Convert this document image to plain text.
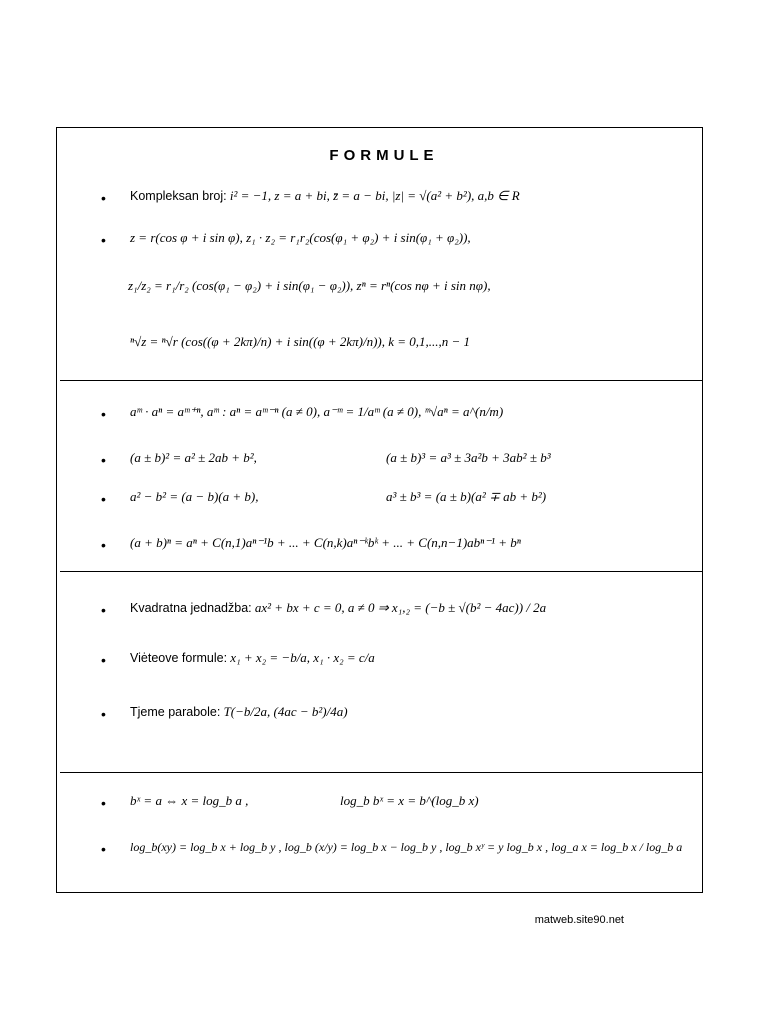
FORMULE
• Kompleksan broj: i² = −1, z = a + bi, z̄ = a − bi, |z| = √(a² + b²), a,b ∈ R
• z = r(cos φ + i sin φ), z₁ · z₂ = r₁r₂(cos(φ₁ + φ₂) + i sin(φ₁ + φ₂)),
z₁/z₂ = r₁/r₂ (cos(φ₁ − φ₂) + i sin(φ₁ − φ₂)), zⁿ = rⁿ(cos nφ + i sin nφ),
ⁿ√z = ⁿ√r (cos((φ + 2kπ)/n) + i sin((φ + 2kπ)/n)), k = 0,1,...,n − 1
• aᵐ · aⁿ = aᵐ⁺ⁿ, aᵐ : aⁿ = aᵐ⁻ⁿ (a ≠ 0), a⁻ᵐ = 1/aᵐ (a ≠ 0), ᵐ√aⁿ = a^(n/m)
• (a ± b)² = a² ± 2ab + b²,	(a ± b)³ = a³ ± 3a²b + 3ab² ± b³
• a² − b² = (a − b)(a + b),	a³ ± b³ = (a ± b)(a² ∓ ab + b²)
• (a + b)ⁿ = aⁿ + C(n,1)aⁿ⁻¹b + ... + C(n,k)aⁿ⁻ᵏbᵏ + ... + C(n,n−1)abⁿ⁻¹ + bⁿ
• Kvadratna jednadžba: ax² + bx + c = 0, a ≠ 0 ⇒ x₁,₂ = (−b ± √(b² − 4ac)) / 2a
• Viėteove formule: x₁ + x₂ = −b/a, x₁ · x₂ = c/a
• Tjeme parabole: T(−b/2a, (4ac − b²)/4a)
• bˣ = a ⇔ x = log_b a ,	log_b bˣ = x = b^(log_b x)
• log_b(xy) = log_b x + log_b y , log_b (x/y) = log_b x − log_b y , log_b xʸ = y log_b x , log_a x = log_b x / log_b a
matweb.site90.net
